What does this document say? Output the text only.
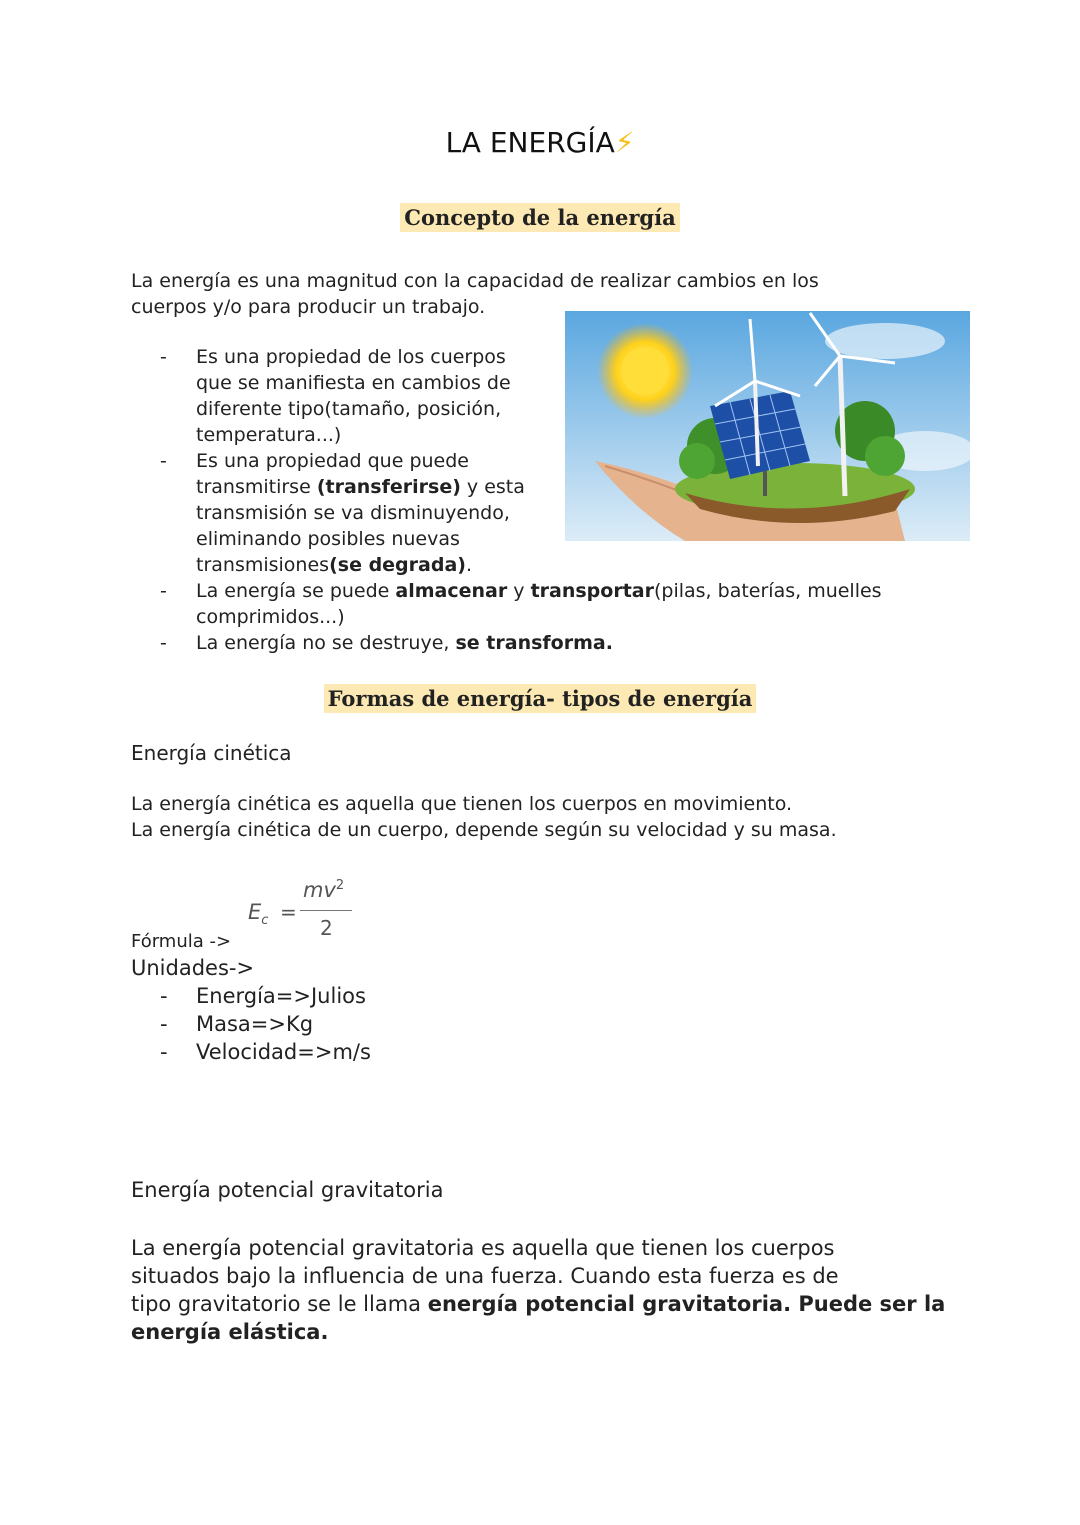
LA ENERGÍA⚡
Concepto de la energía
La energía es una magnitud con la capacidad de realizar cambios en los
cuerpos y/o para producir un trabajo.
- Es una propiedad de los cuerpos
que se manifiesta en cambios de
diferente tipo(tamaño, posición,
temperatura...)
- Es una propiedad que puede
transmitirse (transferirse) y esta
transmisión se va disminuyendo,
eliminando posibles nuevas
transmisiones(se degrada).
- La energía se puede almacenar y transportar(pilas, baterías, muelles
comprimidos...)
- La energía no se destruye, se transforma.
Formas de energía- tipos de energía
Energía cinética
La energía cinética es aquella que tienen los cuerpos en movimiento.
La energía cinética de un cuerpo, depende según su velocidad y su masa.
$E_c$ =
$mv^2$
2
Fórmula ->
Unidades->
- Energía=>Julios
- Masa=>Kg
- Velocidad=>m/s
Energía potencial gravitatoria
La energía potencial gravitatoria es aquella que tienen los cuerpos
situados bajo la influencia de una fuerza. Cuando esta fuerza es de
tipo gravitatorio se le llama energía potencial gravitatoria. Puede ser la
energía elástica.
